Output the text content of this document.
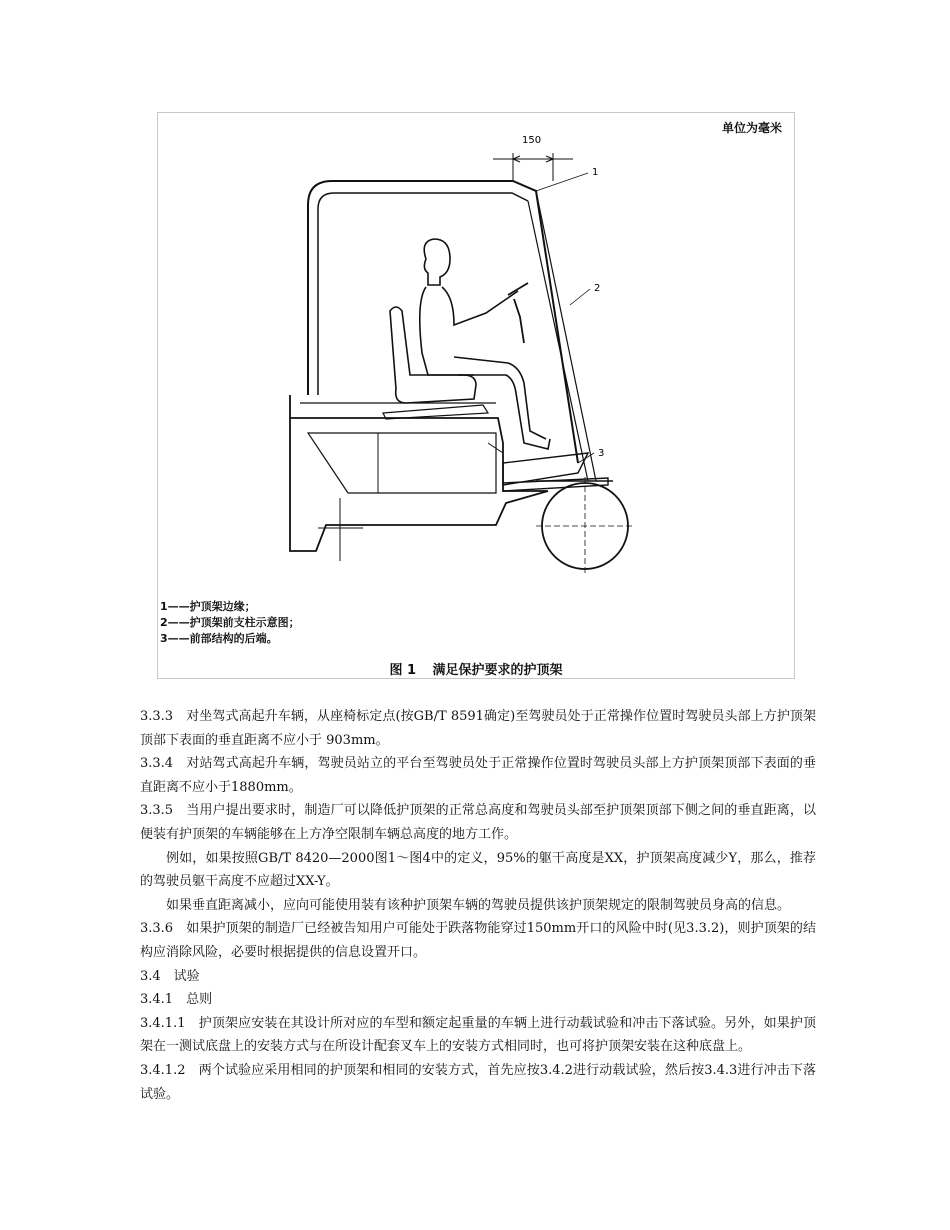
单位为毫米
150
1
2
3
1——护顶架边缘；
2——护顶架前支柱示意图；
3——前部结构的后端。
图 1 满足保护要求的护顶架

3.3.3　对坐驾式高起升车辆，从座椅标定点(按GB/T 8591确定)至驾驶员处于正常操作位置时驾驶员头部上方护顶架顶部下表面的垂直距离不应小于 903mm。

3.3.4　对站驾式高起升车辆，驾驶员站立的平台至驾驶员处于正常操作位置时驾驶员头部上方护顶架顶部下表面的垂直距离不应小于1880mm。

3.3.5　当用户提出要求时，制造厂可以降低护顶架的正常总高度和驾驶员头部至护顶架顶部下侧之间的垂直距离，以便装有护顶架的车辆能够在上方净空限制车辆总高度的地方工作。

例如，如果按照GB/T 8420—2000图1～图4中的定义，95%的躯干高度是XX，护顶架高度减少Y，那么，推荐的驾驶员躯干高度不应超过XX-Y。

如果垂直距离减小，应向可能使用装有该种护顶架车辆的驾驶员提供该护顶架规定的限制驾驶员身高的信息。

3.3.6　如果护顶架的制造厂已经被告知用户可能处于跌落物能穿过150mm开口的风险中时(见3.3.2)，则护顶架的结构应消除风险，必要时根据提供的信息设置开口。

3.4　试验

3.4.1　总则

3.4.1.1　护顶架应安装在其设计所对应的车型和额定起重量的车辆上进行动载试验和冲击下落试验。另外，如果护顶架在一测试底盘上的安装方式与在所设计配套叉车上的安装方式相同时，也可将护顶架安装在这种底盘上。

3.4.1.2　两个试验应采用相同的护顶架和相同的安装方式，首先应按3.4.2进行动载试验，然后按3.4.3进行冲击下落试验。
